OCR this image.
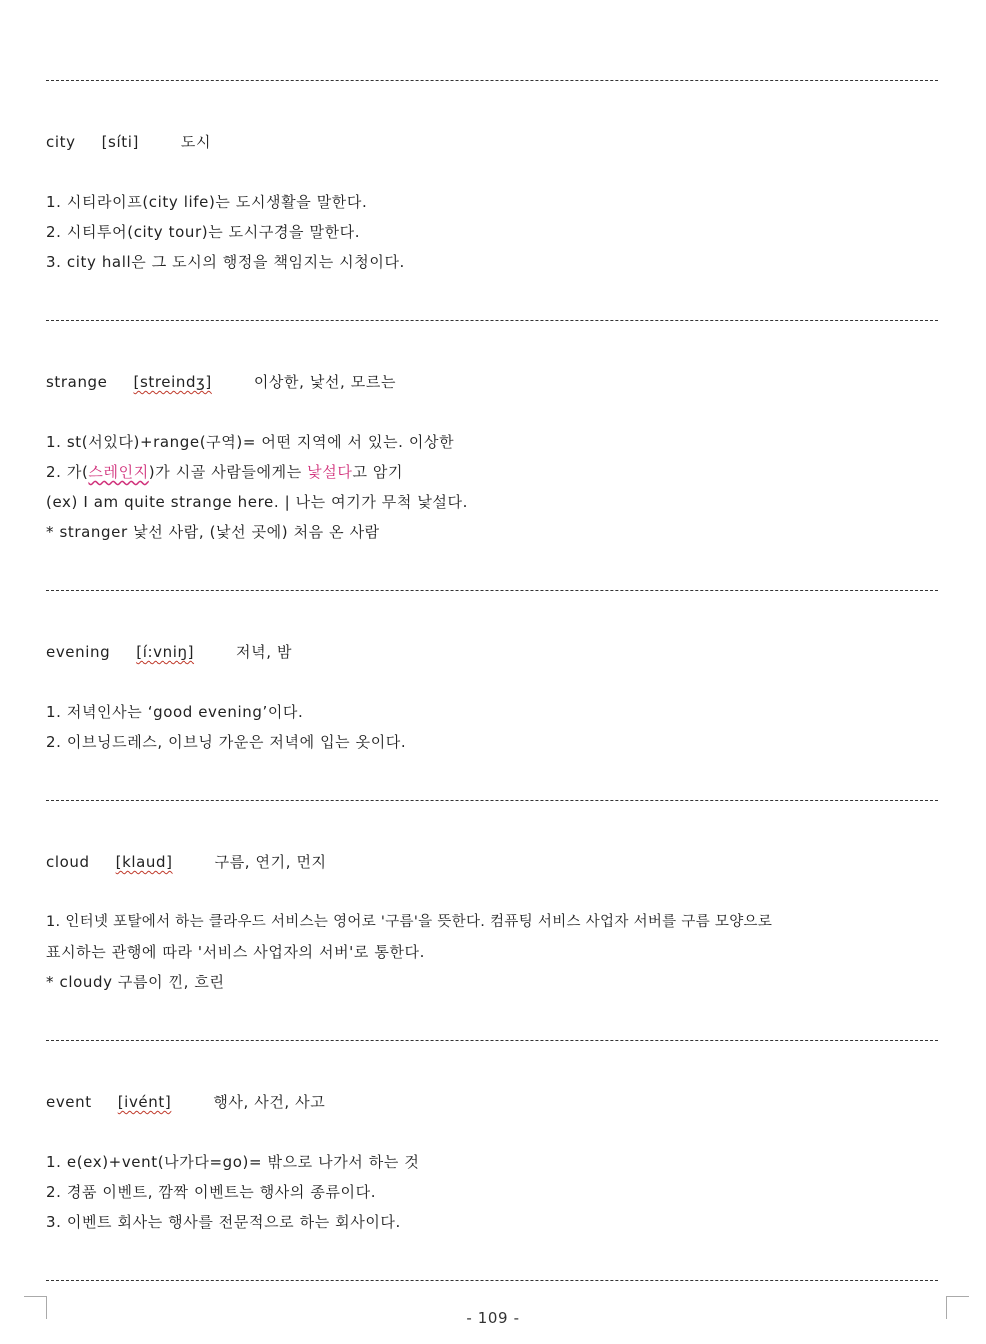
city [síti]	도시
1. 시티라이프(city life)는 도시생활을 말한다.
2. 시티투어(city tour)는 도시구경을 말한다.
3. city hall은 그 도시의 행정을 책임지는 시청이다.
strange [streindʒ]	이상한, 낯선, 모르는
1. st(서있다)+range(구역)= 어떤 지역에 서 있는. 이상한
2. 가(스레인지)가 시골 사람들에게는 낯설다고 암기
(ex) I am quite strange here. | 나는 여기가 무척 낯설다.
* stranger 낯선 사람, (낯선 곳에) 처음 온 사람
evening [í:vniŋ]	저녁, 밤
1. 저녁인사는 ‘good evening’이다.
2. 이브닝드레스, 이브닝 가운은 저녁에 입는 옷이다.
cloud [klaud]	구름, 연기, 먼지
1. 인터넷 포탈에서 하는 클라우드 서비스는 영어로 '구름'을 뜻한다. 컴퓨팅 서비스 사업자 서버를 구름 모양으로
표시하는 관행에 따라 '서비스 사업자의 서버'로 통한다.
* cloudy 구름이 낀, 흐린
event [ivént]	행사, 사건, 사고
1. e(ex)+vent(나가다=go)= 밖으로 나가서 하는 것
2. 경품 이벤트, 깜짝 이벤트는 행사의 종류이다.
3. 이벤트 회사는 행사를 전문적으로 하는 회사이다.
- 109 -
